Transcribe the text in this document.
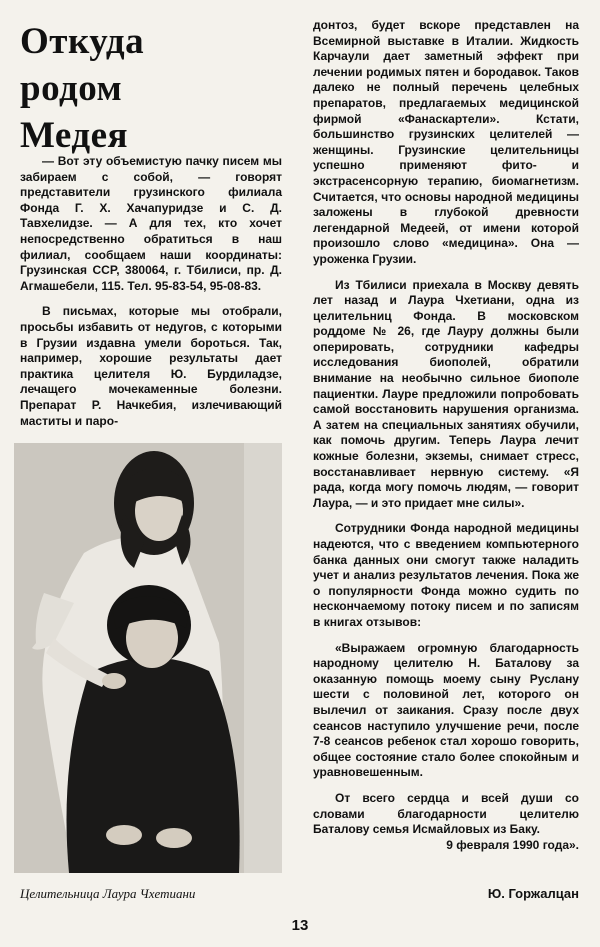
Откуда
родом
Медея

— Вот эту объемистую пачку писем мы забираем с собой, — говорят представители грузинского филиала Фонда Г. Х. Хачапуридзе и С. Д. Тавхелидзе. — А для тех, кто хочет непосредственно обратиться в наш филиал, сообщаем наши координаты: Грузинская ССР, 380064, г. Тбилиси, пр. Д. Агмашебели, 115. Тел. 95-83-54, 95-08-83.

В письмах, которые мы отобрали, просьбы избавить от недугов, с которыми в Грузии издавна умели бороться. Так, например, хорошие результаты дает практика целителя Ю. Бурдиладзе, лечащего мочекаменные болезни. Препарат Р. Начкебия, излечивающий маститы и паро-

Целительница Лаура Чхетиани

донтоз, будет вскоре представлен на Всемирной выставке в Италии. Жидкость Карчаули дает заметный эффект при лечении родимых пятен и бородавок. Таков далеко не полный перечень целебных препаратов, предлагаемых медицинской фирмой «Фанаскартели». Кстати, большинство грузинских целителей — женщины. Грузинские целительницы успешно применяют фито- и экстрасенсорную терапию, биомагнетизм. Считается, что основы народной медицины заложены в глубокой древности легендарной Медеей, от имени которой произошло слово «медицина». Она — уроженка Грузии.

Из Тбилиси приехала в Москву девять лет назад и Лаура Чхетиани, одна из целительниц Фонда. В московском роддоме № 26, где Лауру должны были оперировать, сотрудники кафедры исследования биополей, обратили внимание на необычно сильное биополе пациентки. Лауре предложили попробовать самой восстановить нарушения организма. А затем на специальных занятиях обучили, как помочь другим. Теперь Лаура лечит кожные болезни, экземы, снимает стресс, восстанавливает нервную систему. «Я рада, когда могу помочь людям, — говорит Лаура, — и это придает мне силы».

Сотрудники Фонда народной медицины надеются, что с введением компьютерного банка данных они смогут также наладить учет и анализ результатов лечения. Пока же о популярности Фонда можно судить по нескончаемому потоку писем и по записям в книгах отзывов:

«Выражаем огромную благодарность народному целителю Н. Баталову за оказанную помощь моему сыну Руслану шести с половиной лет, которого он вылечил от заикания. Сразу после двух сеансов наступило улучшение речи, после 7-8 сеансов ребенок стал хорошо говорить, общее состояние стало более спокойным и уравновешенным.

От всего сердца и всей души со словами благодарности целителю Баталову семья Исмайловых из Баку.

9 февраля 1990 года».

Ю. Горжалцан
13
